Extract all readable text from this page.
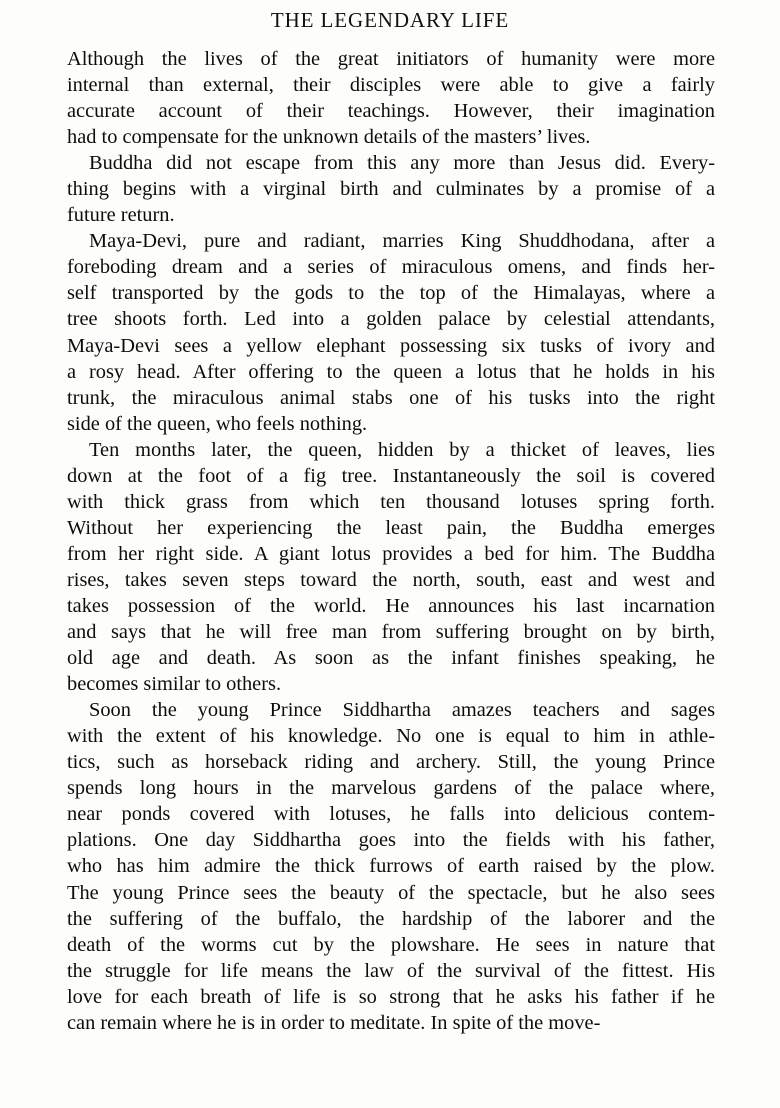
THE LEGENDARY LIFE

Although the lives of the great initiators of humanity were more
internal than external, their disciples were able to give a fairly
accurate account of their teachings. However, their imagination
had to compensate for the unknown details of the masters’ lives.

Buddha did not escape from this any more than Jesus did. Every-
thing begins with a virginal birth and culminates by a promise of a
future return.

Maya-Devi, pure and radiant, marries King Shuddhodana, after a
foreboding dream and a series of miraculous omens, and finds her-
self transported by the gods to the top of the Himalayas, where a
tree shoots forth. Led into a golden palace by celestial attendants,
Maya-Devi sees a yellow elephant possessing six tusks of ivory and
a rosy head. After offering to the queen a lotus that he holds in his
trunk, the miraculous animal stabs one of his tusks into the right
side of the queen, who feels nothing.

Ten months later, the queen, hidden by a thicket of leaves, lies
down at the foot of a fig tree. Instantaneously the soil is covered
with thick grass from which ten thousand lotuses spring forth.
Without her experiencing the least pain, the Buddha emerges
from her right side. A giant lotus provides a bed for him. The Buddha
rises, takes seven steps toward the north, south, east and west and
takes possession of the world. He announces his last incarnation
and says that he will free man from suffering brought on by birth,
old age and death. As soon as the infant finishes speaking, he
becomes similar to others.

Soon the young Prince Siddhartha amazes teachers and sages
with the extent of his knowledge. No one is equal to him in athle-
tics, such as horseback riding and archery. Still, the young Prince
spends long hours in the marvelous gardens of the palace where,
near ponds covered with lotuses, he falls into delicious contem-
plations. One day Siddhartha goes into the fields with his father,
who has him admire the thick furrows of earth raised by the plow.
The young Prince sees the beauty of the spectacle, but he also sees
the suffering of the buffalo, the hardship of the laborer and the
death of the worms cut by the plowshare. He sees in nature that
the struggle for life means the law of the survival of the fittest. His
love for each breath of life is so strong that he asks his father if he
can remain where he is in order to meditate. In spite of the move-
